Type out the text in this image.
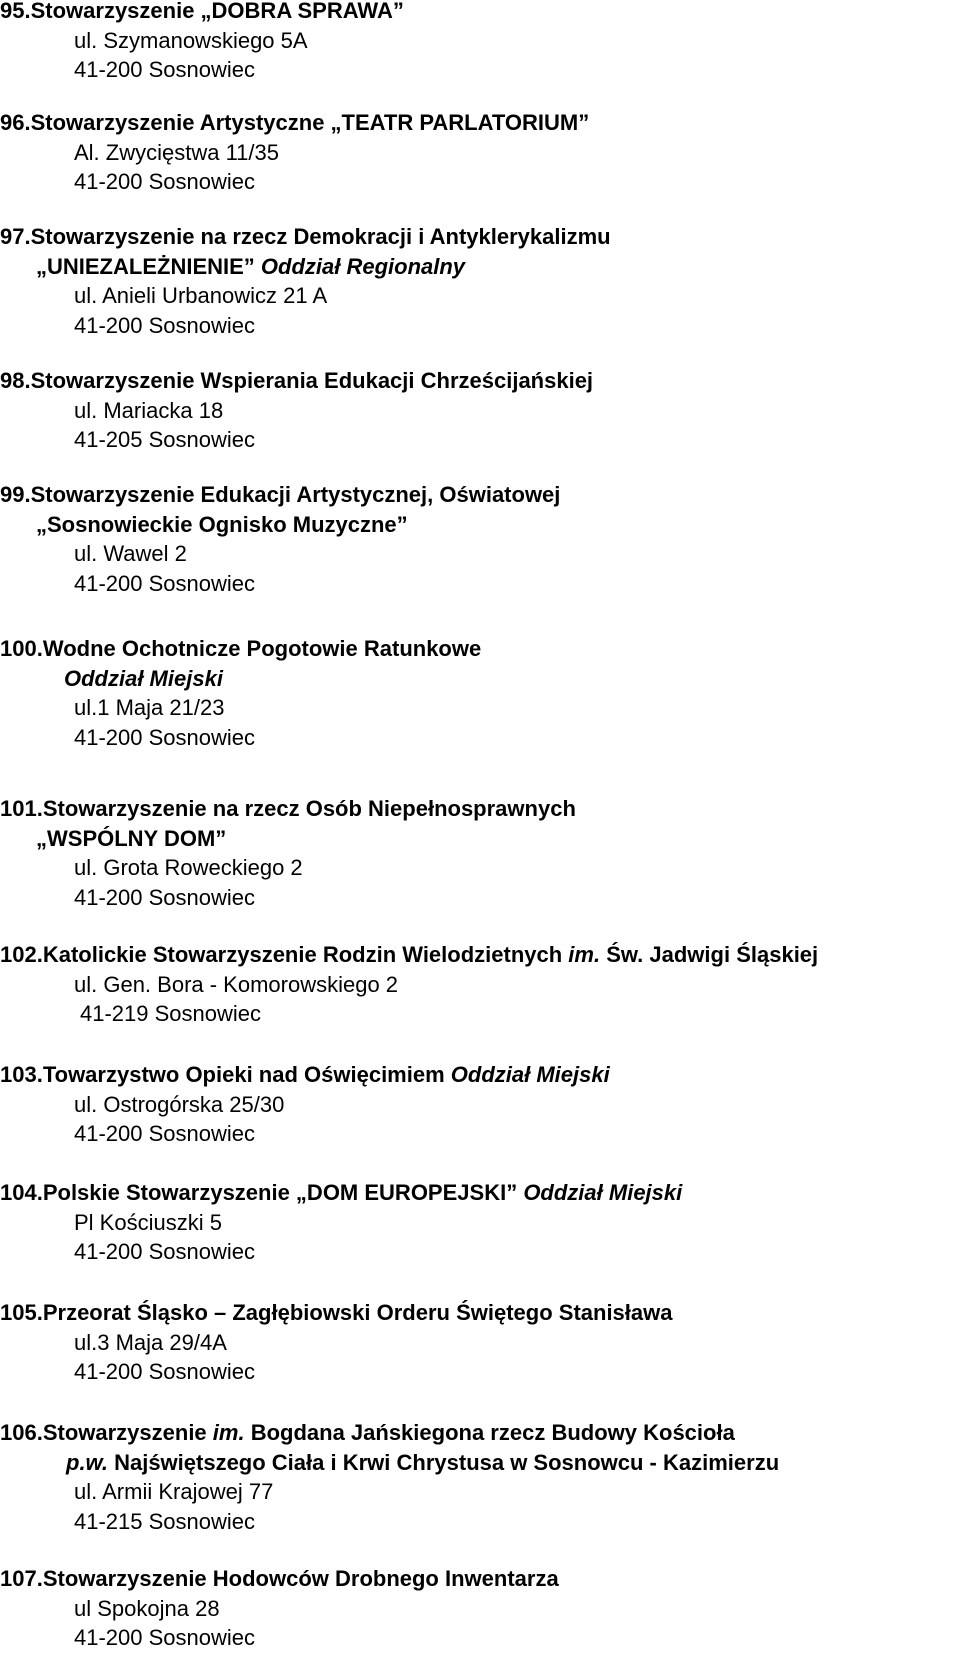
95.Stowarzyszenie „DOBRA SPRAWA”
ul. Szymanowskiego 5A
41-200 Sosnowiec
96.Stowarzyszenie Artystyczne „TEATR PARLATORIUM”
Al. Zwycięstwa 11/35
41-200 Sosnowiec
97.Stowarzyszenie na rzecz Demokracji i Antyklerykalizmu
„UNIEZALEŻNIENIE” Oddział Regionalny
ul. Anieli Urbanowicz 21 A
41-200 Sosnowiec
98.Stowarzyszenie Wspierania Edukacji Chrześcijańskiej
ul. Mariacka 18
41-205 Sosnowiec
99.Stowarzyszenie Edukacji Artystycznej, Oświatowej
„Sosnowieckie Ognisko Muzyczne”
ul. Wawel 2
41-200 Sosnowiec
100.Wodne Ochotnicze Pogotowie Ratunkowe
Oddział Miejski
ul.1 Maja 21/23
41-200 Sosnowiec
101.Stowarzyszenie na rzecz Osób Niepełnosprawnych
„WSPÓLNY DOM”
ul. Grota Roweckiego 2
41-200 Sosnowiec
102.Katolickie Stowarzyszenie Rodzin Wielodzietnych im. Św. Jadwigi Śląskiej
ul. Gen. Bora - Komorowskiego 2
41-219 Sosnowiec
103.Towarzystwo Opieki nad Oświęcimiem Oddział Miejski
ul. Ostrogórska 25/30
41-200 Sosnowiec
104.Polskie Stowarzyszenie „DOM EUROPEJSKI” Oddział Miejski
Pl Kościuszki 5
41-200 Sosnowiec
105.Przeorat Śląsko – Zagłębiowski Orderu Świętego Stanisława
ul.3 Maja 29/4A
41-200 Sosnowiec
106.Stowarzyszenie im. Bogdana Jańskiegona rzecz Budowy Kościoła
p.w. Najświętszego Ciała i Krwi Chrystusa w Sosnowcu - Kazimierzu
ul. Armii Krajowej 77
41-215 Sosnowiec
107.Stowarzyszenie Hodowców Drobnego Inwentarza
ul Spokojna 28
41-200 Sosnowiec
